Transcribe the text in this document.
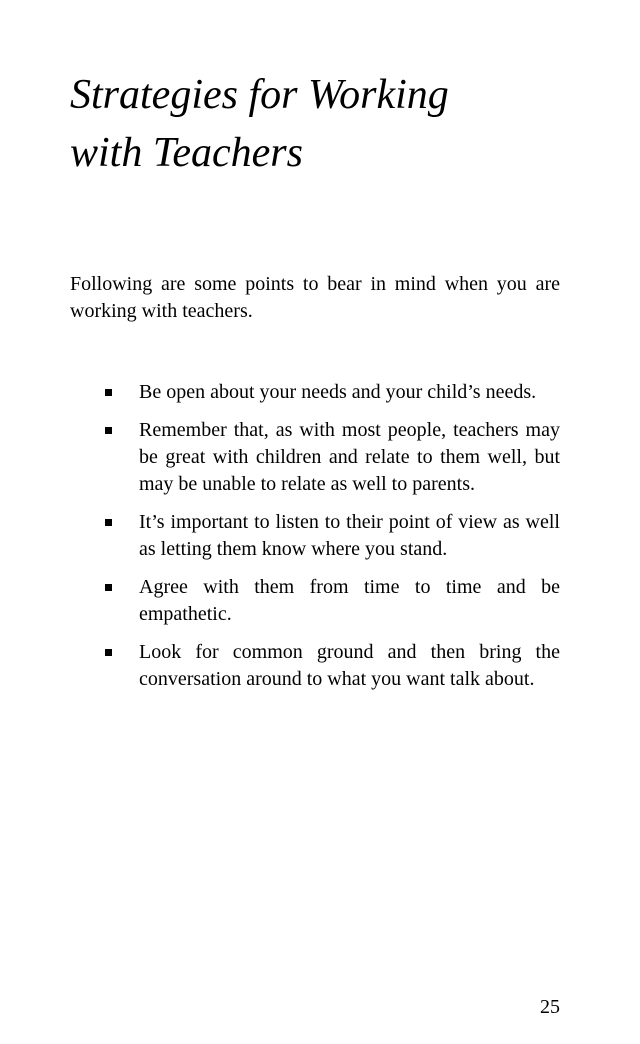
Strategies for Working
with Teachers

Following are some points to bear in mind when you are working with teachers.

Be open about your needs and your child’s needs.
Remember that, as with most people, teachers may be great with children and relate to them well, but may be unable to relate as well to parents.
It’s important to listen to their point of view as well as letting them know where you stand.
Agree with them from time to time and be empathetic.
Look for common ground and then bring the conversation around to what you want talk about.
25
